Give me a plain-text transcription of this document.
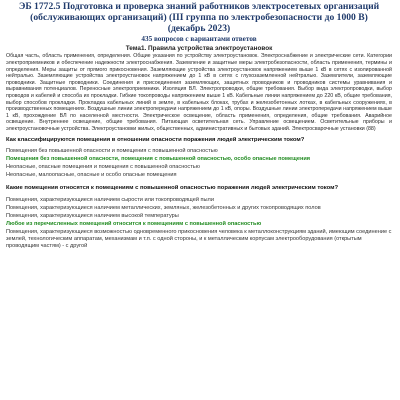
ЭБ 1772.5 Подготовка и проверка знаний работников электросетевых организаций (обслуживающих организаций) (III группа по электробезопасности до 1000 В) (декабрь 2023)
435 вопросов с вариантами ответов
Тема1. Правила устройства электроустановок
Общая часть, область применения, определения. Общие указания по устройству электроустановок. Электроснабжение и электрические сети. Категории электроприемников и обеспечение надежности электроснабжения. Заземление и защитные меры электробезопасности, область применения, термины и определения. Меры защиты от прямого прикосновения. Заземляющие устройства электроустановок напряжением выше 1 кВ в сетях с изолированной нейтралью. Заземляющие устройства электроустановок напряжением до 1 кВ в сетях с глухозаземленной нейтралью. Заземлители, заземляющие проводники. Защитные проводники. Соединения и присоединения заземляющих, защитных проводников и проводников системы уравнивания и выравнивания потенциалов. Переносные электроприемники. Изоляция ВЛ. Электропроводки, общие требования. Выбор вида электропроводки, выбор проводов и кабелей и способа их прокладки. Гибкие токопроводы напряжением выше 1 кВ. Кабельные линии напряжением до 220 кВ, общие требования, выбор способов прокладки. Прокладка кабельных линий в земле, в кабельных блоках, трубах и железобетонных лотках, в кабельных сооружениях, в производственных помещениях. Воздушные линии электропередачи напряжением до 1 кВ, опоры. Воздушные линии электропередачи напряжением выше 1 кВ, прохождение ВЛ по населенной местности. Электрическое освещение, область применения, определения, общие требования. Аварийное освещение. Внутреннее освещение, общие требования. Питающая осветительная сеть. Управление освещением. Осветительные приборы и электроустановочные устройства. Электроустановки жилых, общественных, административных и бытовых зданий. Электросварочные установки (88)
Как классифицируются помещения в отношении опасности поражения людей электрическим током?
Помещения без повышенной опасности и помещения с повышенной опасностью
Помещения без повышенной опасности, помещения с повышенной опасностью, особо опасные помещения
Неопасные, опасные помещения и помещения с повышенной опасностью
Неопасные, малоопасные, опасные и особо опасные помещения
Какие помещения относятся к помещениям с повышенной опасностью поражения людей электрическим током?
Помещения, характеризующиеся наличием сырости или токопроводящей пыли
Помещения, характеризующиеся наличием металлических, земляных, железобетонных и других токопроводящих полов
Помещения, характеризующиеся наличием высокой температуры
Любое из перечисленных помещений относится к помещениям с повышенной опасностью
Помещения, характеризующиеся возможностью одновременного прикосновения человека к металлоконструкциям зданий, имеющим соединение с землей, технологическим аппаратам, механизмам и т.п. с одной стороны, и к металлическим корпусам электрооборудования (открытым проводящим частям) - с другой
